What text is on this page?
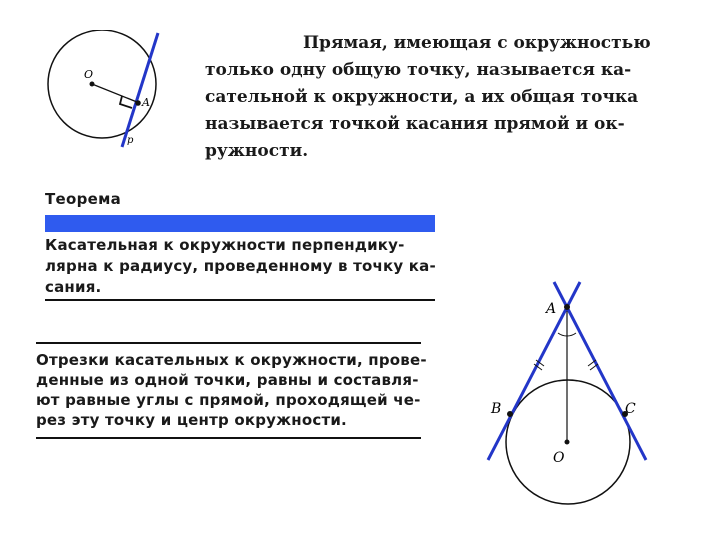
O
A
p
Прямая, имеющая с окружностью
только одну общую точку, называется ка-
сательной к окружности, а их общая точка
называется точкой касания прямой и ок-
ружности.
Теорема
Касательная к окружности перпендику-
лярна к радиусу, проведенному в точку ка-
сания.
Отрезки касательных к окружности, прове-
денные из одной точки, равны и составля-
ют равные углы с прямой, проходящей че-
рез эту точку и центр окружности.
A
B	C
O
